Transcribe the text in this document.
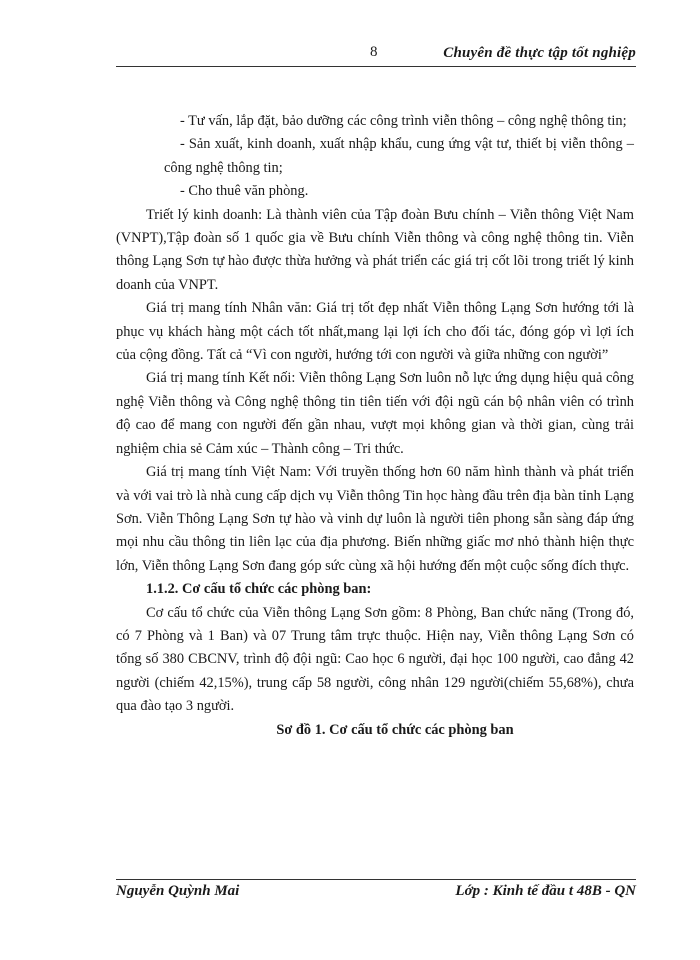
8	Chuyên đề thực tập tốt nghiệp

- Tư vấn, lắp đặt, bảo dưỡng các công trình viễn thông – công nghệ thông tin;

- Sản xuất, kinh doanh, xuất nhập khẩu, cung ứng vật tư, thiết bị viễn thông – công nghệ thông tin;

- Cho thuê văn phòng.

Triết lý kinh doanh: Là thành viên của Tập đoàn Bưu chính – Viễn thông Việt Nam (VNPT),Tập đoàn số 1 quốc gia về Bưu chính Viễn thông và công nghệ thông tin. Viễn thông Lạng Sơn tự hào được thừa hưởng và phát triển các giá trị cốt lõi trong triết lý kinh doanh của VNPT.

Giá trị mang tính Nhân văn: Giá trị tốt đẹp nhất Viễn thông Lạng Sơn hướng tới là phục vụ khách hàng một cách tốt nhất,mang lại lợi ích cho đối tác, đóng góp vì lợi ích của cộng đồng. Tất cả “Vì con người, hướng tới con người và giữa những con người”

Giá trị mang tính Kết nối: Viễn thông Lạng Sơn luôn nỗ lực ứng dụng hiệu quả công nghệ Viễn thông và Công nghệ thông tin tiên tiến với đội ngũ cán bộ nhân viên có trình độ cao để mang con người đến gần nhau, vượt mọi không gian và thời gian, cùng trải nghiệm chia sẻ Cảm xúc – Thành công – Tri thức.

Giá trị mang tính Việt Nam: Với truyền thống hơn 60 năm hình thành và phát triển và với vai trò là nhà cung cấp dịch vụ Viễn thông Tin học hàng đầu trên địa bàn tỉnh Lạng Sơn. Viễn Thông Lạng Sơn tự hào và vinh dự luôn là người tiên phong sẵn sàng đáp ứng mọi nhu cầu thông tin liên lạc của địa phương. Biến những giấc mơ nhỏ thành hiện thực lớn, Viễn thông Lạng Sơn đang góp sức cùng xã hội hướng đến một cuộc sống đích thực.

1.1.2. Cơ cấu tổ chức các phòng ban:

Cơ cấu tổ chức của Viễn thông Lạng Sơn gồm: 8 Phòng, Ban chức năng (Trong đó, có 7 Phòng và 1 Ban) và 07 Trung tâm trực thuộc. Hiện nay, Viễn thông Lạng Sơn có tổng số 380 CBCNV, trình độ đội ngũ: Cao học 6 người, đại học 100 người, cao đẳng 42 người (chiếm 42,15%), trung cấp 58 người, công nhân 129 người(chiếm 55,68%), chưa qua đào tạo 3 người.

Sơ đồ 1. Cơ cấu tổ chức các phòng ban

Nguyễn Quỳnh Mai	Lớp : Kinh tế đầu t 48B - QN
